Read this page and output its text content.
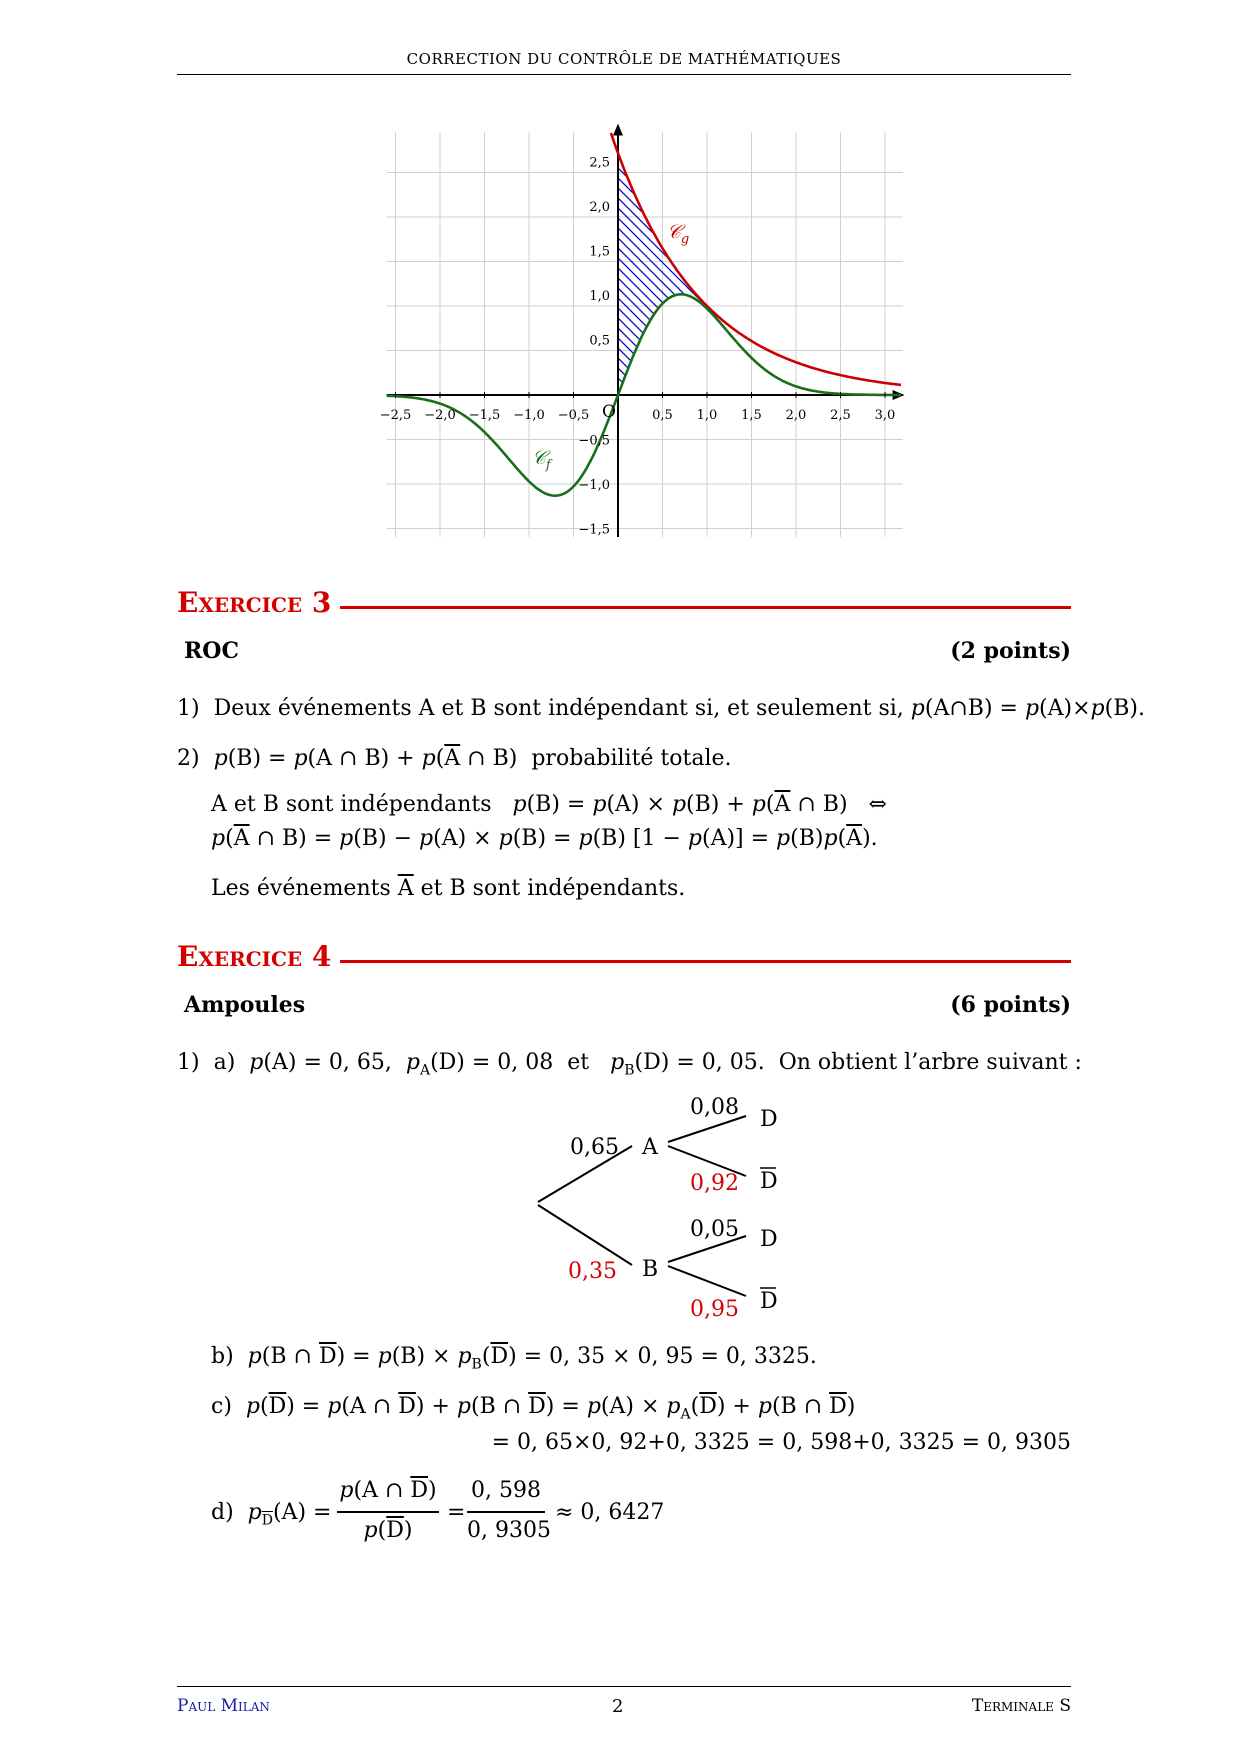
CORRECTION DU CONTRÔLE DE MATHÉMATIQUES
−2,5 −2,0 −1,5 −1,0 −0,5	0,5 1,0 1,5 2,0 2,5 3,0
0,5
1,0
1,5
2,0
2,5
−0,5
−1,0
−1,5
O
𝒞$_g$
𝒞$_f$
Exercice 3
ROC	(2 points)
1) Deux événements A et B sont indépendant si, et seulement si, p(A∩B) = p(A)×p(B).
2) p(B) = p(A ∩ $B) + p(\overline{A}$ ∩ B)  probabilité totale.
A et B sont indépendants $p(B) = p(A) \times p(B) + p(\overline{A}$ ∩ B)   ⇔
$p(\overline{A}$ ∩ B) = p(B) − p(A) × p(B) = p(B) $[1 - p(A)] = p(B)p(\overline{A})$.
Les événements $\overline{A}$ et B sont indépendants.
Exercice 4
Ampoules	(6 points)
1) a) p(A) = 0, 65,  $p_A(D) = 0$, 08 et $p_B(D) = 0$, 05.  On obtient l’arbre suivant :
A
B
D
D
D
D
0,65
0,35
0,08
0,92
0,05
0,95
b) p(B ∩ $\overline{D}) = p(B) \times p_B(\overline{D}) = 0$, 35 × 0, 95 = 0, 3325.
c) $p(\overline{D}) = p(A$ ∩ $\overline{D}) + p(B$ ∩ $\overline{D}) = p(A) \times p_A(\overline{D}) + p(B$ ∩ $\overline{D}$)
= 0, 65×0, 92+0, 3325 = 0, 598+0, 3325 = 0, 9305
d) $p_{\overline{D}}(A)$ =
p(A ∩ $\overline{D}$)
$p(\overline{D})$
=
0, 598
0, 9305
≈ 0, 6427
Paul Milan	2	Terminale S
